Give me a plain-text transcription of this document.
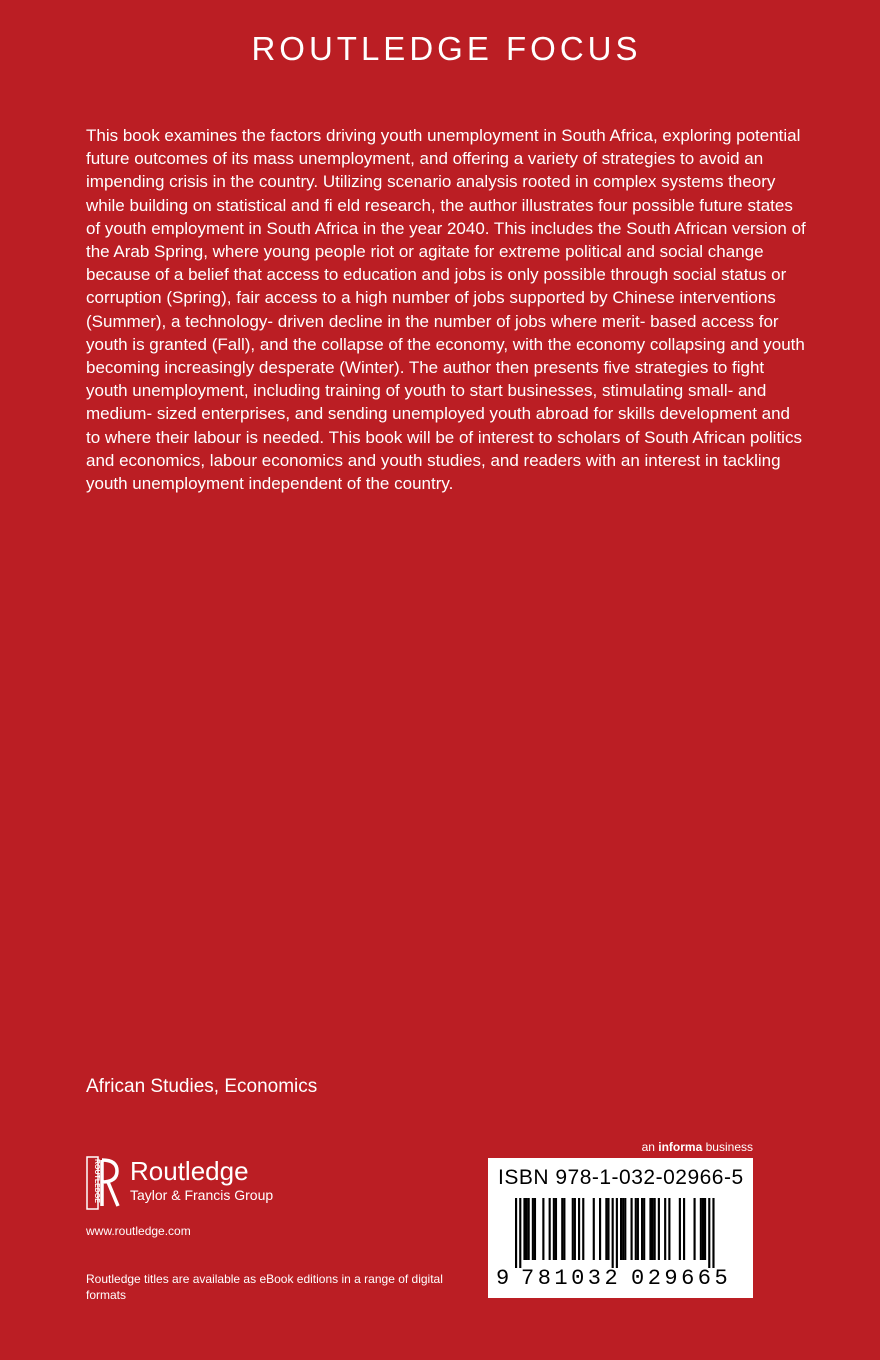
ROUTLEDGE FOCUS

This book examines the factors driving youth unemployment in South Africa, exploring potential future outcomes of its mass unemployment, and offering a variety of strategies to avoid an impending crisis in the country. Utilizing scenario analysis rooted in complex systems theory while building on statistical and fi eld research, the author illustrates four possible future states of youth employment in South Africa in the year 2040. This includes the South African version of the Arab Spring, where young people riot or agitate for extreme political and social change because of a belief that access to education and jobs is only possible through social status or corruption (Spring), fair access to a high number of jobs supported by Chinese interventions (Summer), a technology- driven decline in the number of jobs where merit- based access for youth is granted (Fall), and the collapse of the economy, with the economy collapsing and youth becoming increasingly desperate (Winter). The author then presents five strategies to fight youth unemployment, including training of youth to start businesses, stimulating small- and medium- sized enterprises, and sending unemployed youth abroad for skills development and to where their labour is needed. This book will be of interest to scholars of South African politics and economics, labour economics and youth studies, and readers with an interest in tackling youth unemployment independent of the country.

African Studies, Economics

ROUTLEDGE Routledge
Taylor & Francis Group
www.routledge.com

Routledge titles are available as eBook editions in a range of digital formats

an informa business

ISBN 978-1-032-02966-5

9 781032 029665
